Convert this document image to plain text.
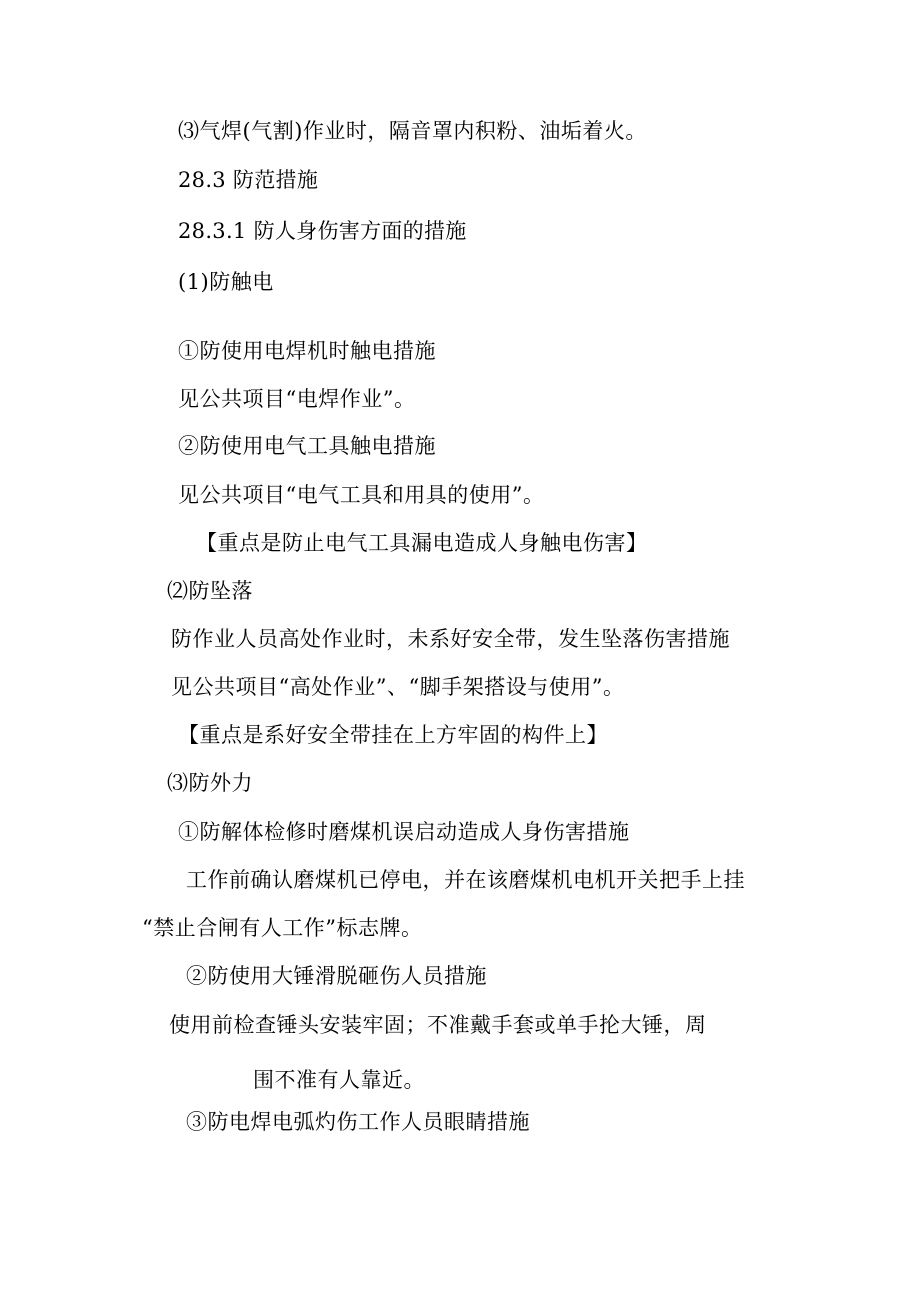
⑶气焊(气割)作业时，隔音罩内积粉、油垢着火。
28.3 防范措施
28.3.1 防人身伤害方面的措施
(1)防触电
①防使用电焊机时触电措施
见公共项目“电焊作业”。
②防使用电气工具触电措施
见公共项目“电气工具和用具的使用”。
【重点是防止电气工具漏电造成人身触电伤害】
⑵防坠落
防作业人员高处作业时，未系好安全带，发生坠落伤害措施
见公共项目“高处作业”、“脚手架搭设与使用”。
【重点是系好安全带挂在上方牢固的构件上】
⑶防外力
①防解体检修时磨煤机误启动造成人身伤害措施
工作前确认磨煤机已停电，并在该磨煤机电机开关把手上挂
“禁止合闸有人工作”标志牌。
②防使用大锤滑脱砸伤人员措施
使用前检查锤头安装牢固；不准戴手套或单手抡大锤，周
围不准有人靠近。
③防电焊电弧灼伤工作人员眼睛措施
